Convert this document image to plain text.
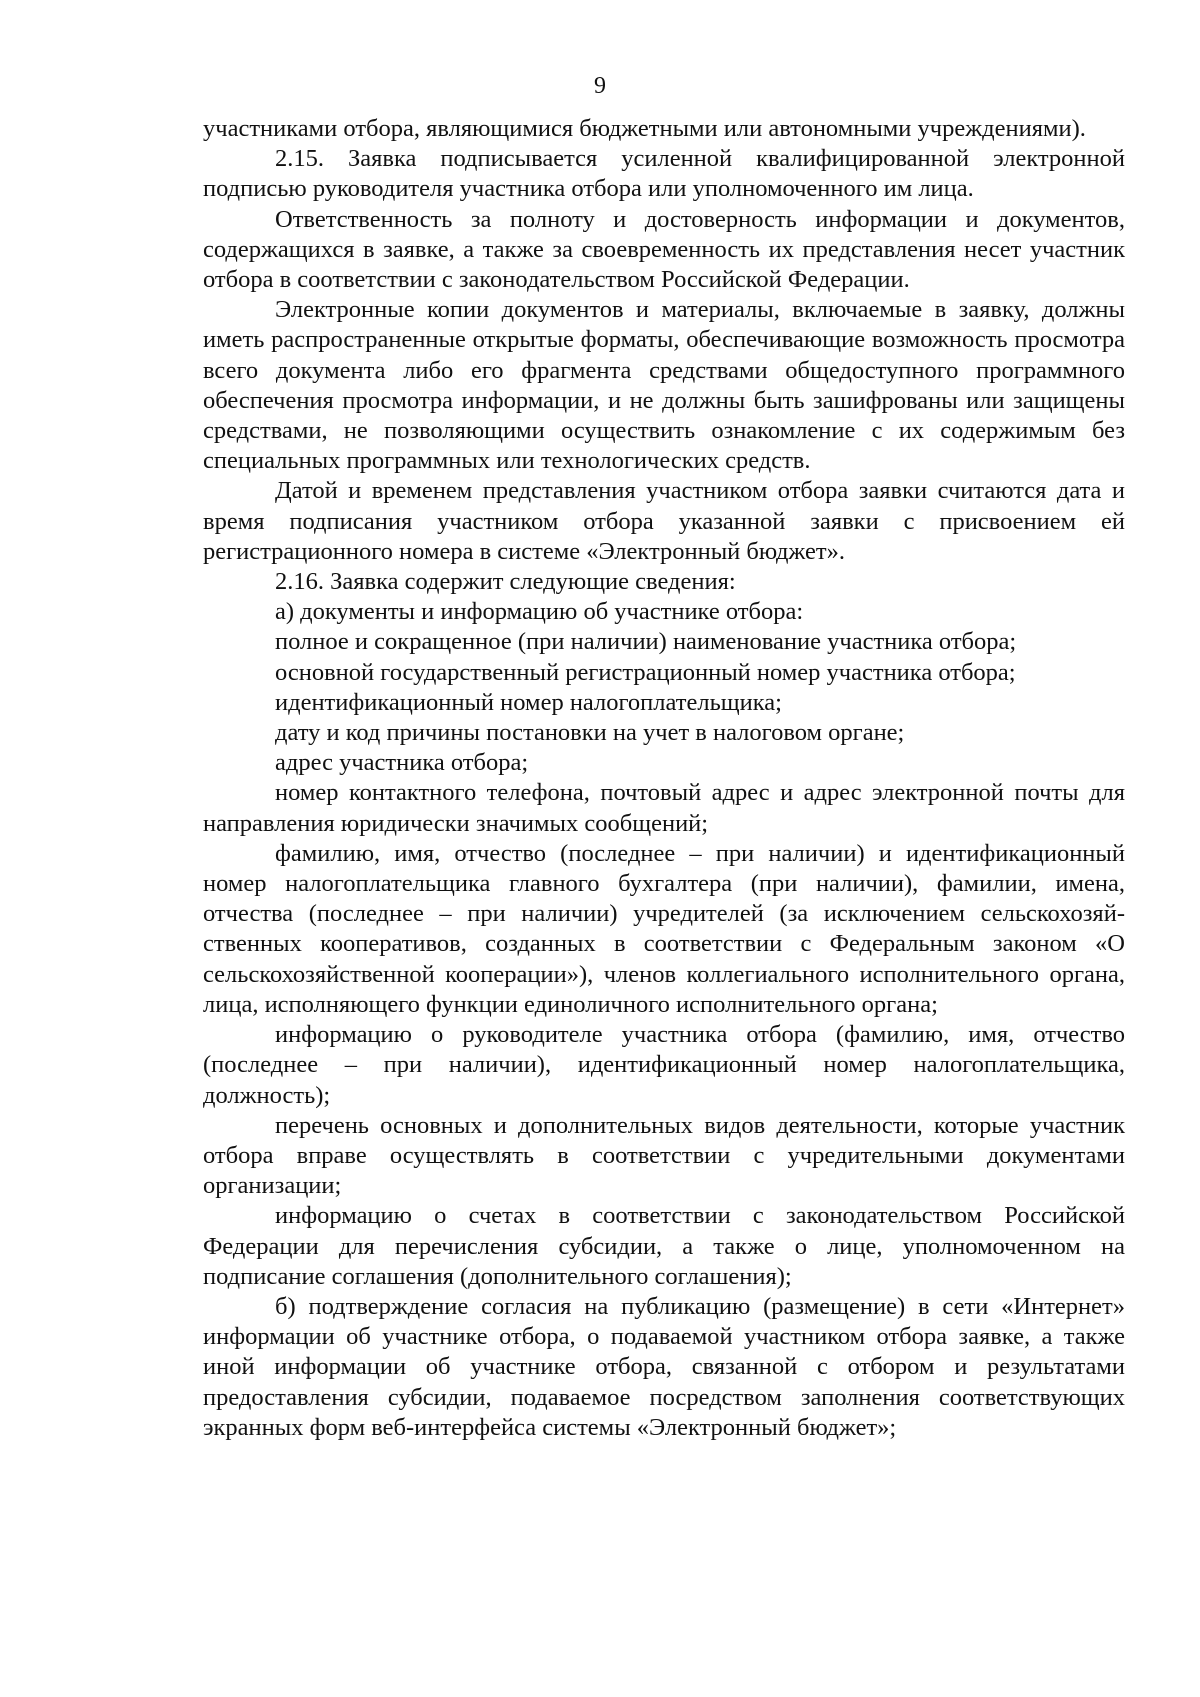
9

участниками отбора, являющимися бюджетными или автономными учреждениями).

2.15. Заявка подписывается усиленной квалифицированной электронной подписью руководителя участника отбора или уполномоченного им лица.

Ответственность за полноту и достоверность информации и документов, содержащихся в заявке, а также за своевременность их представления несет участник отбора в соответствии с законодательством Российской Федерации.

Электронные копии документов и материалы, включаемые в заявку, должны иметь распространенные открытые форматы, обеспечивающие возможность просмотра всего документа либо его фрагмента средствами общедоступного программного обеспечения просмотра информации, и не должны быть зашифрованы или защищены средствами, не позволяющими осуществить ознакомление с их содержимым без специальных программных или технологических средств.

Датой и временем представления участником отбора заявки считаются дата и время подписания участником отбора указанной заявки с присвоением ей регистрационного номера в системе «Электронный бюджет».

2.16. Заявка содержит следующие сведения:

а) документы и информацию об участнике отбора:

полное и сокращенное (при наличии) наименование участника отбора;

основной государственный регистрационный номер участника отбора;

идентификационный номер налогоплательщика;

дату и код причины постановки на учет в налоговом органе;

адрес участника отбора;

номер контактного телефона, почтовый адрес и адрес электронной почты для направления юридически значимых сообщений;

фамилию, имя, отчество (последнее – при наличии) и идентификационный номер налогоплательщика главного бухгалтера (при наличии), фамилии, имена, отчества (последнее – при наличии) учредителей (за исключением сельскохозяйственных кооперативов, созданных в соответствии с Федеральным законом «О сельскохозяйственной кооперации»), членов коллегиального исполнительного органа, лица, исполняющего функции единоличного исполнительного органа;

информацию о руководителе участника отбора (фамилию, имя, отчество (последнее – при наличии), идентификационный номер налогоплательщика, должность);

перечень основных и дополнительных видов деятельности, которые участник отбора вправе осуществлять в соответствии с учредительными документами организации;

информацию о счетах в соответствии с законодательством Российской Федерации для перечисления субсидии, а также о лице, уполномоченном на подписание соглашения (дополнительного соглашения);

б) подтверждение согласия на публикацию (размещение) в сети «Интернет» информации об участнике отбора, о подаваемой участником отбора заявке, а также иной информации об участнике отбора, связанной с отбором и результатами предоставления субсидии, подаваемое посредством заполнения соответствующих экранных форм веб-интерфейса системы «Электронный бюджет»;
